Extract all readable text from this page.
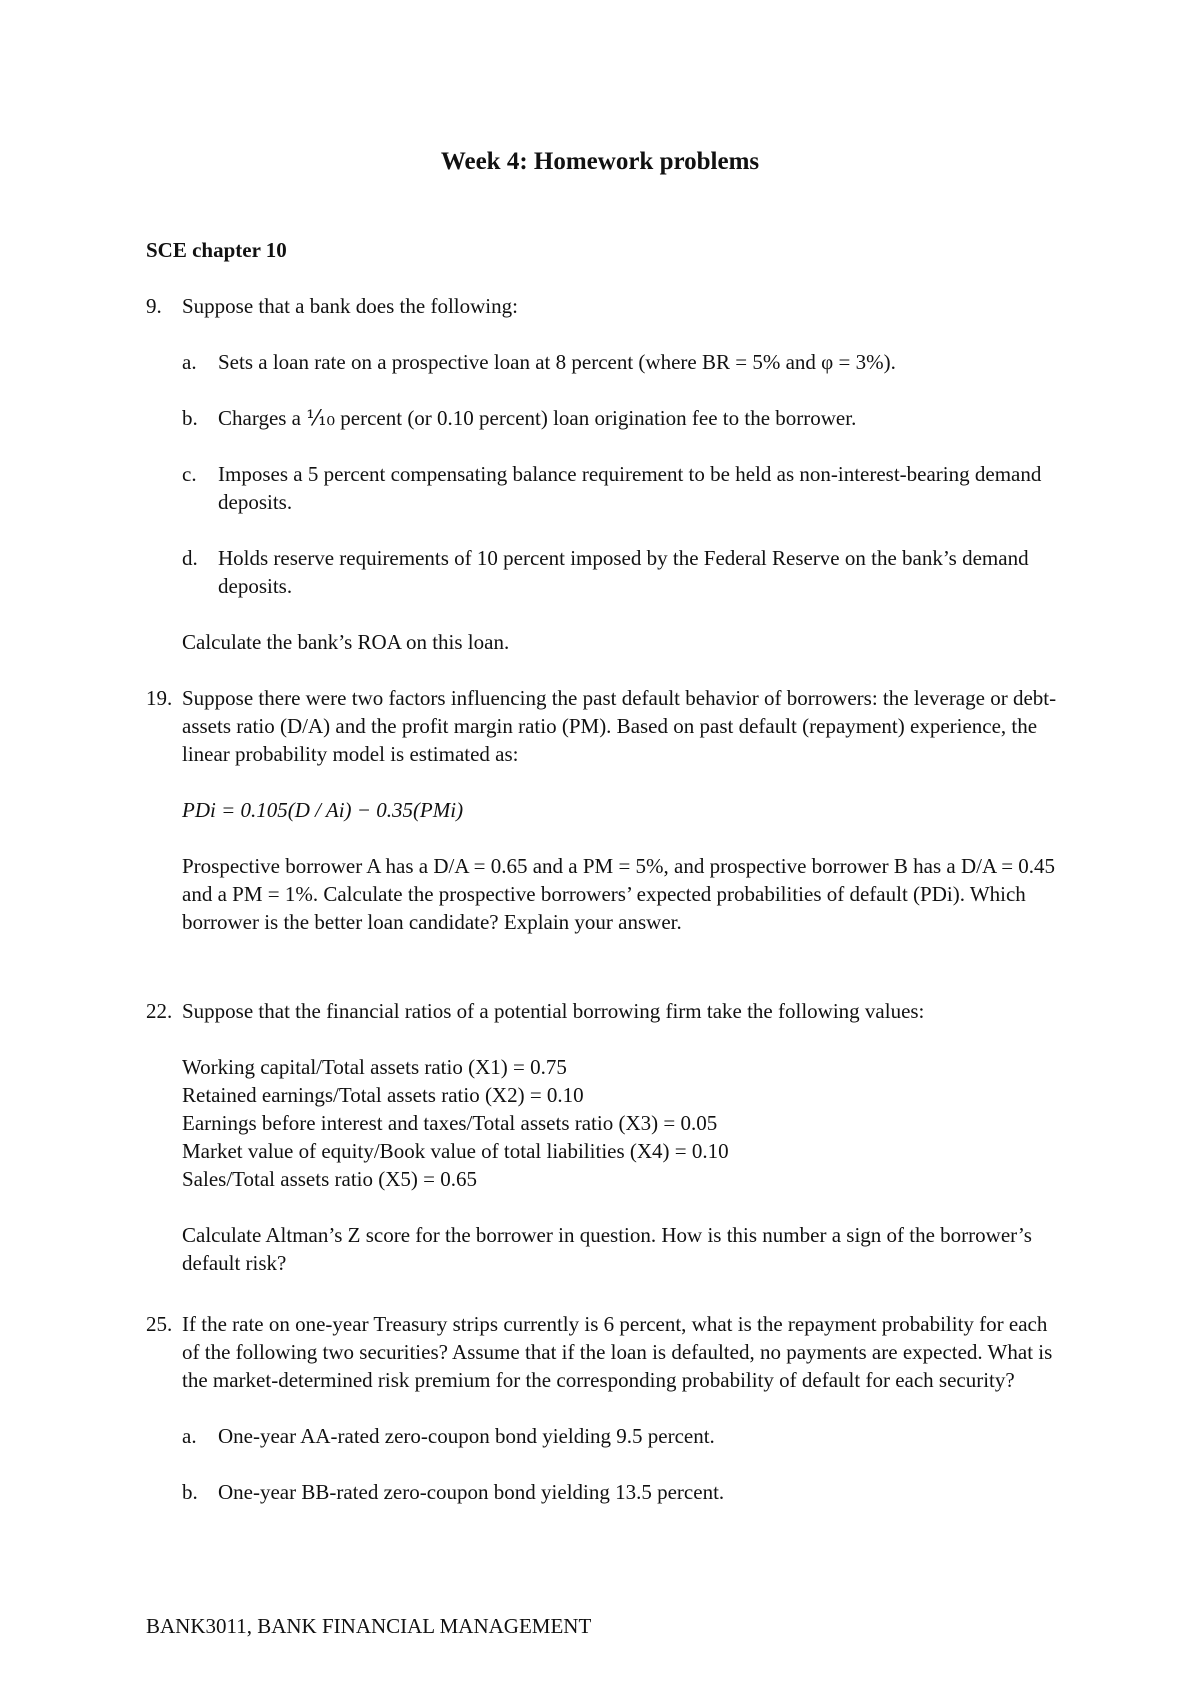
Week 4: Homework problems
SCE chapter 10
9. Suppose that a bank does the following:
a. Sets a loan rate on a prospective loan at 8 percent (where BR = 5% and φ = 3%).
b. Charges a ⅒ percent (or 0.10 percent) loan origination fee to the borrower.
c. Imposes a 5 percent compensating balance requirement to be held as non-interest-bearing demand deposits.
d. Holds reserve requirements of 10 percent imposed by the Federal Reserve on the bank’s demand deposits.
Calculate the bank’s ROA on this loan.
19. Suppose there were two factors influencing the past default behavior of borrowers: the leverage or debt-assets ratio (D/A) and the profit margin ratio (PM). Based on past default (repayment) experience, the linear probability model is estimated as:
PDi = 0.105(D / Ai) − 0.35(PMi)
Prospective borrower A has a D/A = 0.65 and a PM = 5%, and prospective borrower B has a D/A = 0.45 and a PM = 1%. Calculate the prospective borrowers’ expected probabilities of default (PDi). Which borrower is the better loan candidate? Explain your answer.
22. Suppose that the financial ratios of a potential borrowing firm take the following values:
Working capital/Total assets ratio (X1) = 0.75
Retained earnings/Total assets ratio (X2) = 0.10
Earnings before interest and taxes/Total assets ratio (X3) = 0.05
Market value of equity/Book value of total liabilities (X4) = 0.10
Sales/Total assets ratio (X5) = 0.65
Calculate Altman’s Z score for the borrower in question. How is this number a sign of the borrower’s default risk?
25. If the rate on one-year Treasury strips currently is 6 percent, what is the repayment probability for each of the following two securities? Assume that if the loan is defaulted, no payments are expected. What is the market-determined risk premium for the corresponding probability of default for each security?
a. One-year AA-rated zero-coupon bond yielding 9.5 percent.
b. One-year BB-rated zero-coupon bond yielding 13.5 percent.
BANK3011, BANK FINANCIAL MANAGEMENT
